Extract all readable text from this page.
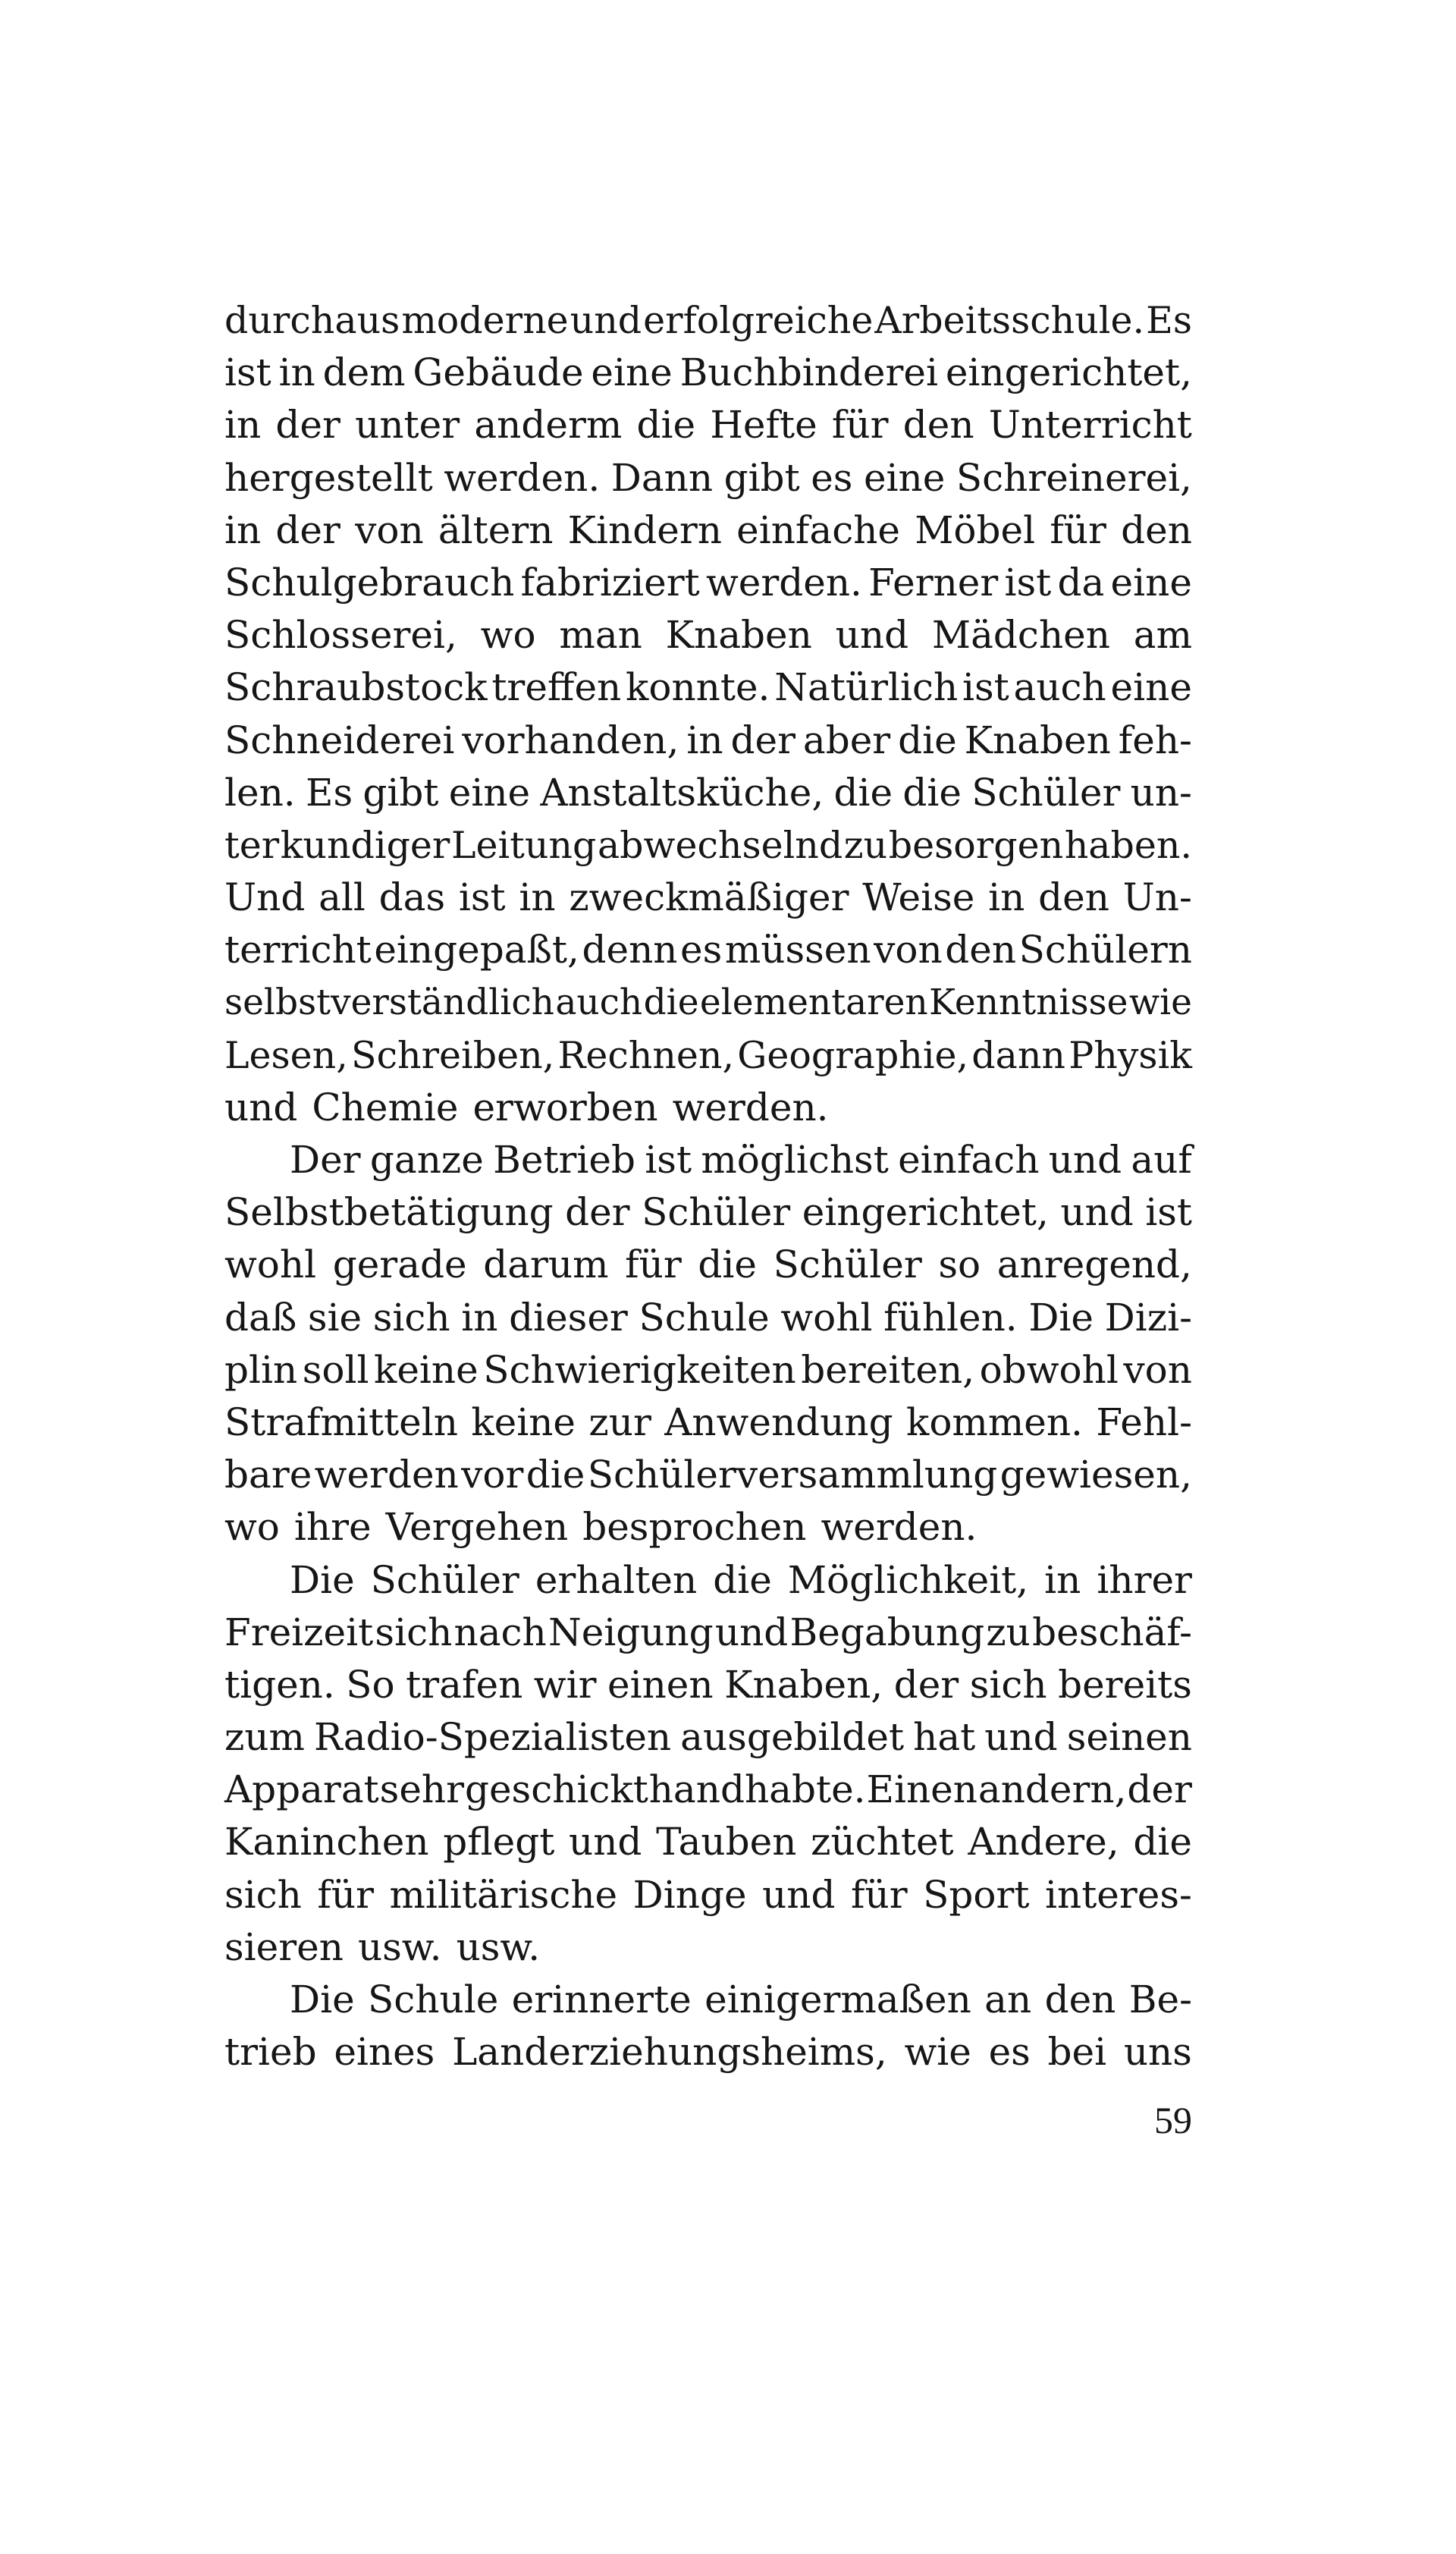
durchaus moderne und erfolgreiche Arbeitsschule. Es
ist in dem Gebäude eine Buchbinderei eingerichtet,
in der unter anderm die Hefte für den Unterricht
hergestellt werden. Dann gibt es eine Schreinerei,
in der von ältern Kindern einfache Möbel für den
Schulgebrauch fabriziert werden. Ferner ist da eine
Schlosserei, wo man Knaben und Mädchen am
Schraubstock treffen konnte. Natürlich ist auch eine
Schneiderei vorhanden, in der aber die Knaben feh-
len. Es gibt eine Anstaltsküche, die die Schüler un-
ter kundiger Leitung abwechselnd zu besorgen haben.
Und all das ist in zweckmäßiger Weise in den Un-
terricht eingepaßt, denn es müssen von den Schülern
selbstverständlich auch die elementaren Kenntnisse wie
Lesen, Schreiben, Rechnen, Geographie, dann Physik
und Chemie erworben werden.
Der ganze Betrieb ist möglichst einfach und auf
Selbstbetätigung der Schüler eingerichtet, und ist
wohl gerade darum für die Schüler so anregend,
daß sie sich in dieser Schule wohl fühlen. Die Dizi-
plin soll keine Schwierigkeiten bereiten, obwohl von
Strafmitteln keine zur Anwendung kommen. Fehl-
bare werden vor die Schülerversammlung gewiesen,
wo ihre Vergehen besprochen werden.
Die Schüler erhalten die Möglichkeit, in ihrer
Freizeit sich nach Neigung und Begabung zu beschäf-
tigen. So trafen wir einen Knaben, der sich bereits
zum Radio-Spezialisten ausgebildet hat und seinen
Apparat sehr geschickt handhabte. Einen andern, der
Kaninchen pflegt und Tauben züchtet Andere, die
sich für militärische Dinge und für Sport interes-
sieren usw. usw.
Die Schule erinnerte einigermaßen an den Be-
trieb eines Landerziehungsheims, wie es bei uns
59
